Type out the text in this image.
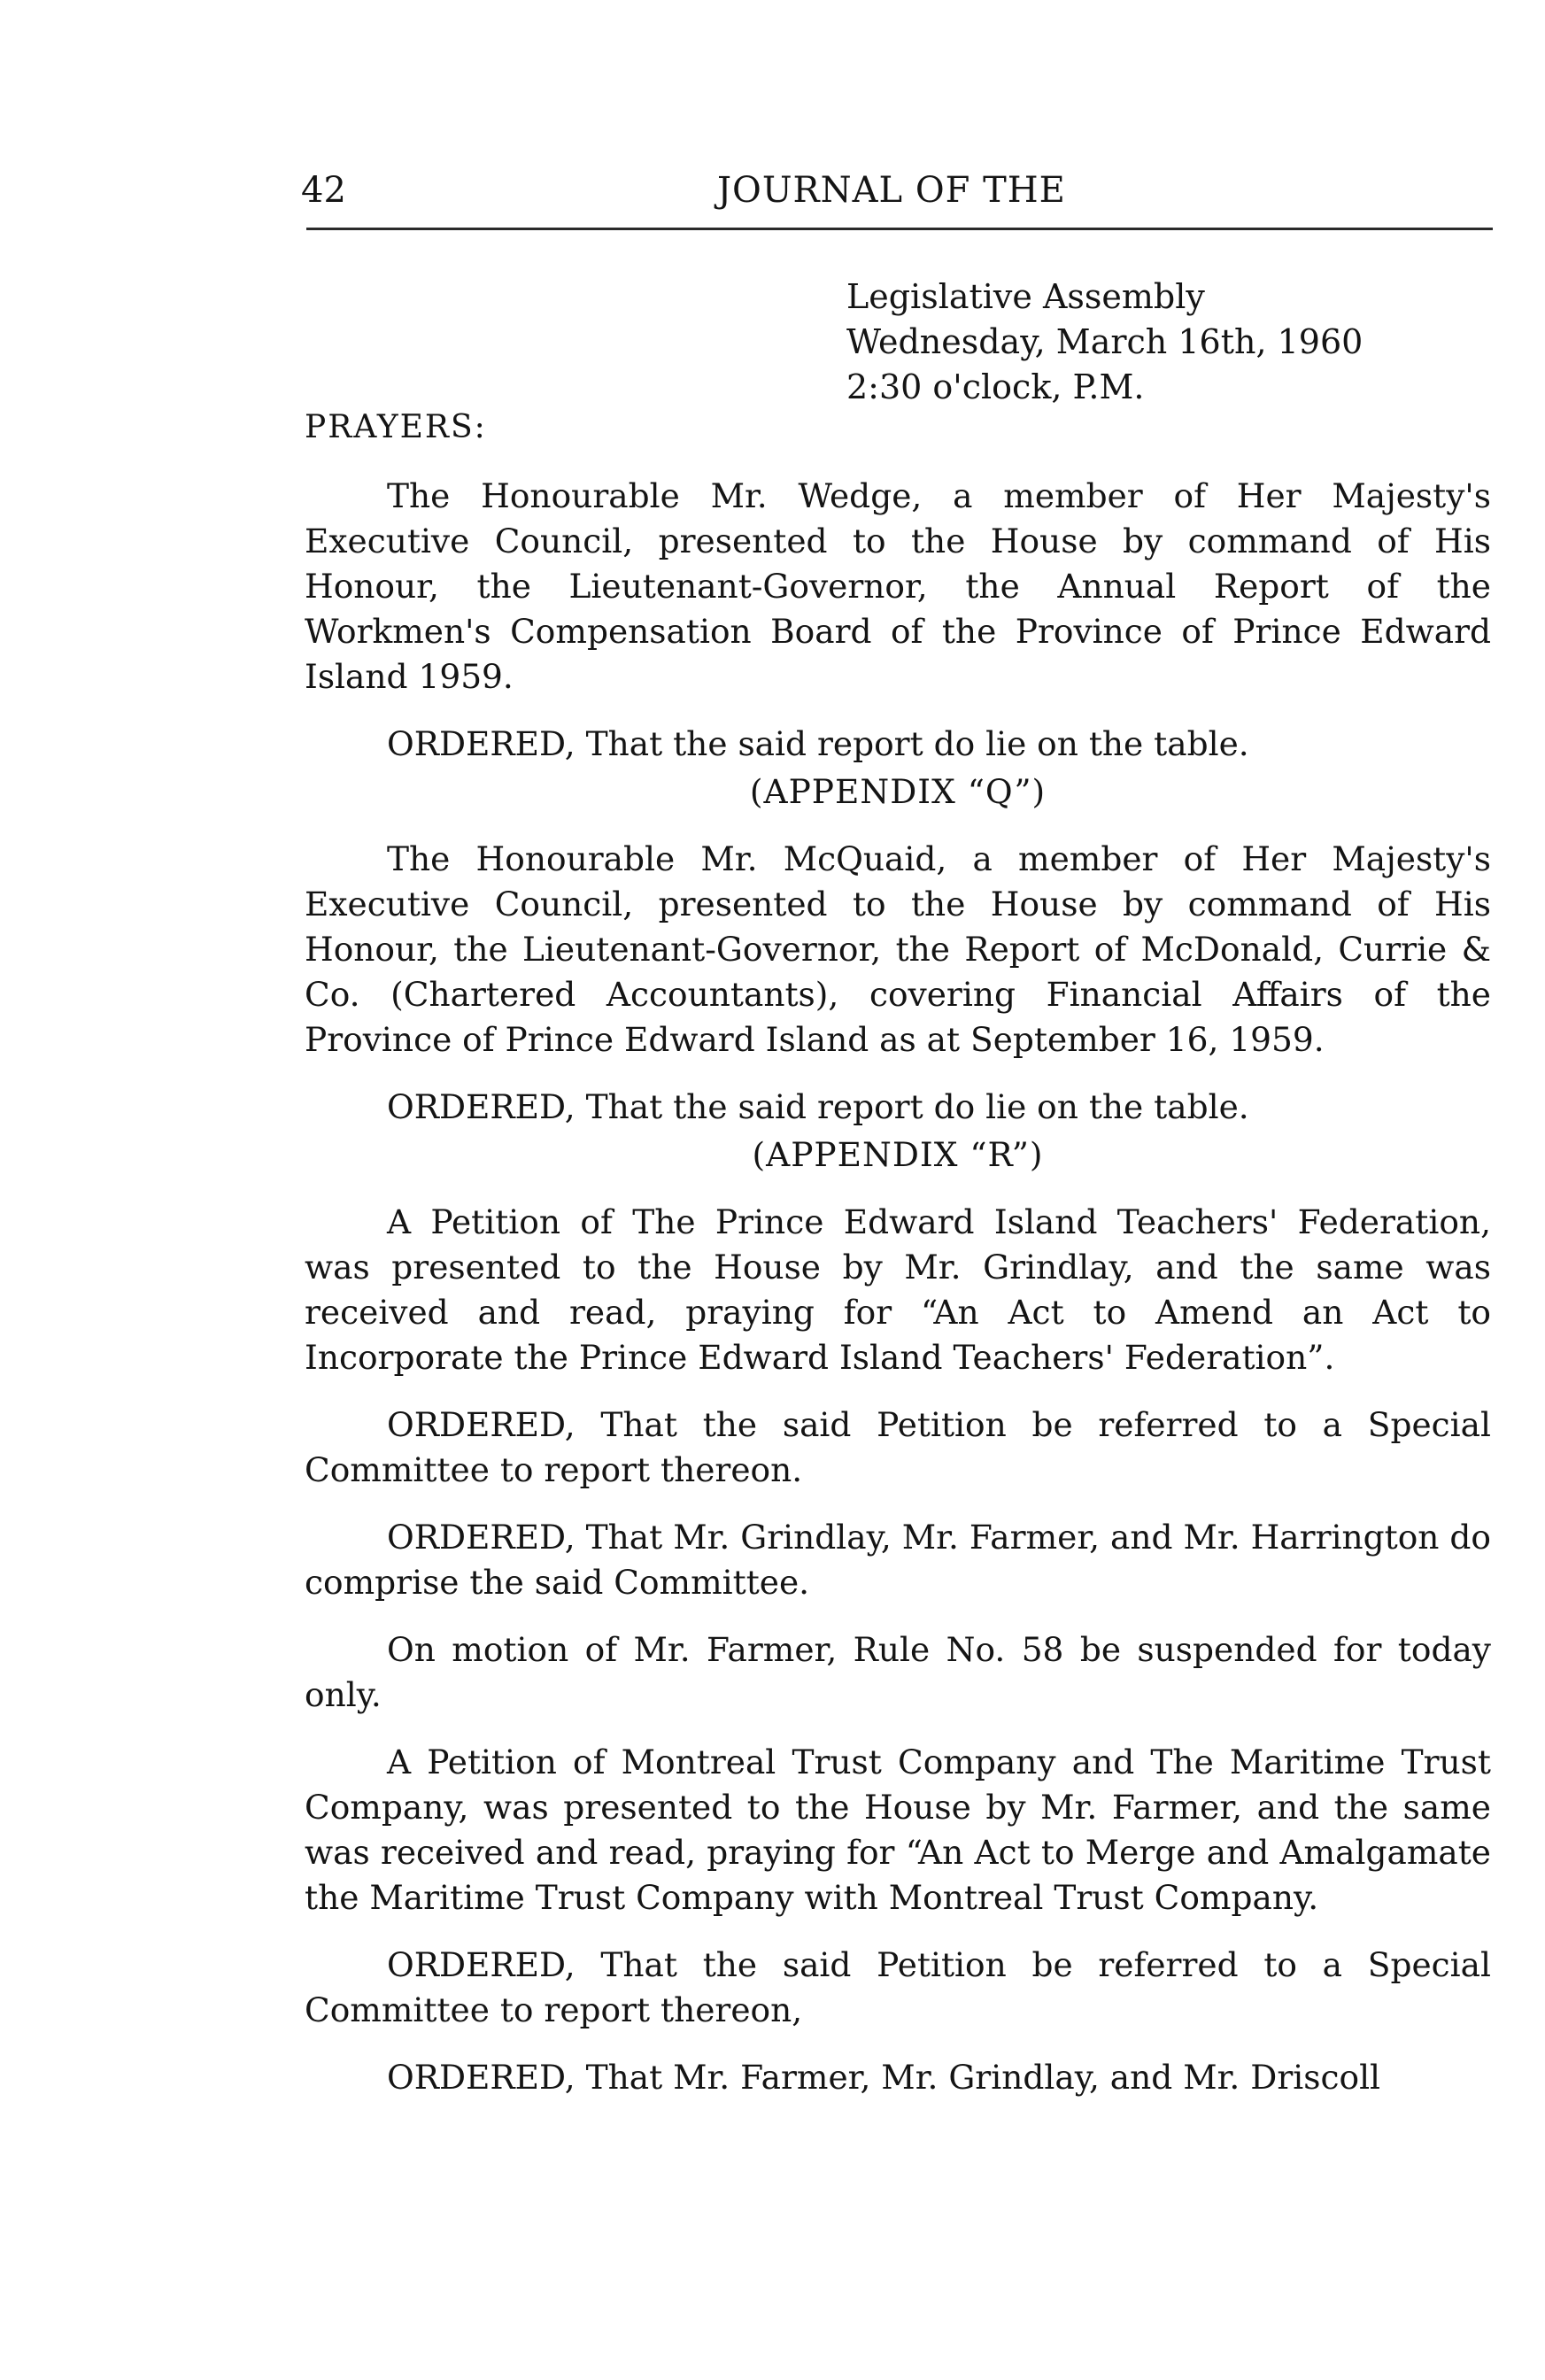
42	JOURNAL OF THE
Legislative Assembly
Wednesday, March 16th, 1960
2:30 o'clock, P.M.
PRAYERS:

The Honourable Mr. Wedge, a member of Her Majesty's Executive Council, presented to the House by command of His Honour, the Lieutenant-Governor, the Annual Report of the Workmen's Compensation Board of the Province of Prince Edward Island 1959.

ORDERED, That the said report do lie on the table.

(APPENDIX “Q”)

The Honourable Mr. McQuaid, a member of Her Majesty's Executive Council, presented to the House by command of His Honour, the Lieutenant-Governor, the Report of McDonald, Currie & Co. (Chartered Accountants), covering Financial Affairs of the Province of Prince Edward Island as at September 16, 1959.

ORDERED, That the said report do lie on the table.

(APPENDIX “R”)

A Petition of The Prince Edward Island Teachers' Federation, was presented to the House by Mr. Grindlay, and the same was received and read, praying for “An Act to Amend an Act to Incorporate the Prince Edward Island Teachers' Federation”.

ORDERED, That the said Petition be referred to a Special Committee to report thereon.

ORDERED, That Mr. Grindlay, Mr. Farmer, and Mr. Harrington do comprise the said Committee.

On motion of Mr. Farmer, Rule No. 58 be suspended for today only.

A Petition of Montreal Trust Company and The Maritime Trust Company, was presented to the House by Mr. Farmer, and the same was received and read, praying for “An Act to Merge and Amalgamate the Maritime Trust Company with Montreal Trust Company.

ORDERED, That the said Petition be referred to a Special Committee to report thereon,

ORDERED, That Mr. Farmer, Mr. Grindlay, and Mr. Driscoll
